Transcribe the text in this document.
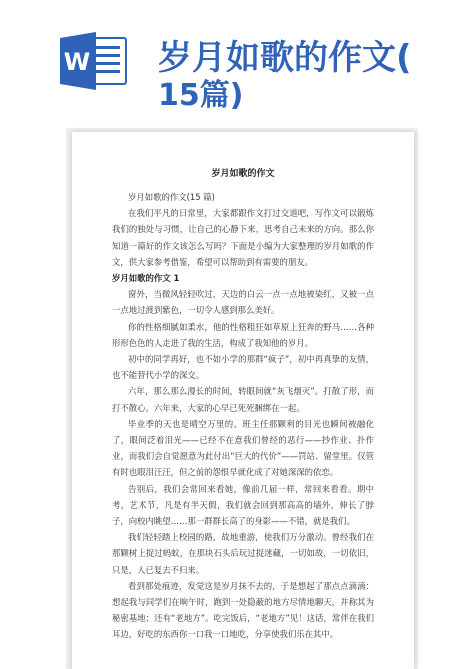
W 岁月如歌的作文(
15篇)
岁月如歌的作文

岁月如歌的作文(15 篇)

在我们平凡的日常里，大家都跟作文打过交道吧，写作文可以锻炼我们的独处与习惯，让自己的心静下来，思考自己未来的方向。那么你知道一篇好的作文该怎么写吗？下面是小编为大家整理的岁月如歌的作文，供大家参考借鉴，希望可以帮助到有需要的朋友。

岁月如歌的作文 1

窗外，当微风轻轻吹过，天边的白云一点一点地被染红，又被一点一点地过渡到紫色，一切令人感到那么美好。

你的性格细腻如柔水，他的性格粗狂如草原上狂奔的野马……各种形形色色的人走进了我的生活，构成了我知他的岁月。

初中的同学再好，也不如小学的那群“疯子”，初中再真挚的友情，也不能替代小学的深交。

六年，那么那么漫长的时间，转眼间就“灰飞烟灭”。打散了形，而打不散心。六年来，大家的心早已死死捆绑在一起。

毕业季的天也是晴空万里的。班主任那颗利的目光也瞬间被融化了，眼间泛着泪光——已经不在意我们曾经的恶行——抄作业、扑作业，而我们会自觉愿意为此付出“巨大的代价”——罚站、留堂里。仅管有时也眼泪汪汪，但之前的怨恨早就化成了对她深深的依恋。

告别后，我们会常回来看她，像前几届一样，常回来看看。期中考，艺术节，凡是有半天假，我们就会回到那高高的墙外，伸长了脖子，向校内眺望……那一群群长高了的身影——不错，就是我们。

我们轻轻踏上校园的路，故地重游，使我们万分激动。曾经我们在那颗树上捉过蚂蚁，在那块石头后玩过捉迷藏，一切如故，一切依旧，只是，人已复去不归来。

看到那处痕迹，发觉这是岁月抹不去的，于是想起了那点点滴滴：想起我与同学们在晌午时，跑到一处隐蔽的地方尽情地聊天，并称其为秘密基地；还有“老地方”。吃完饭后，“老地方”见！这话，常伴在我们耳边，好吃的东西你一口我一口地吃，分享使我们乐在其中。
